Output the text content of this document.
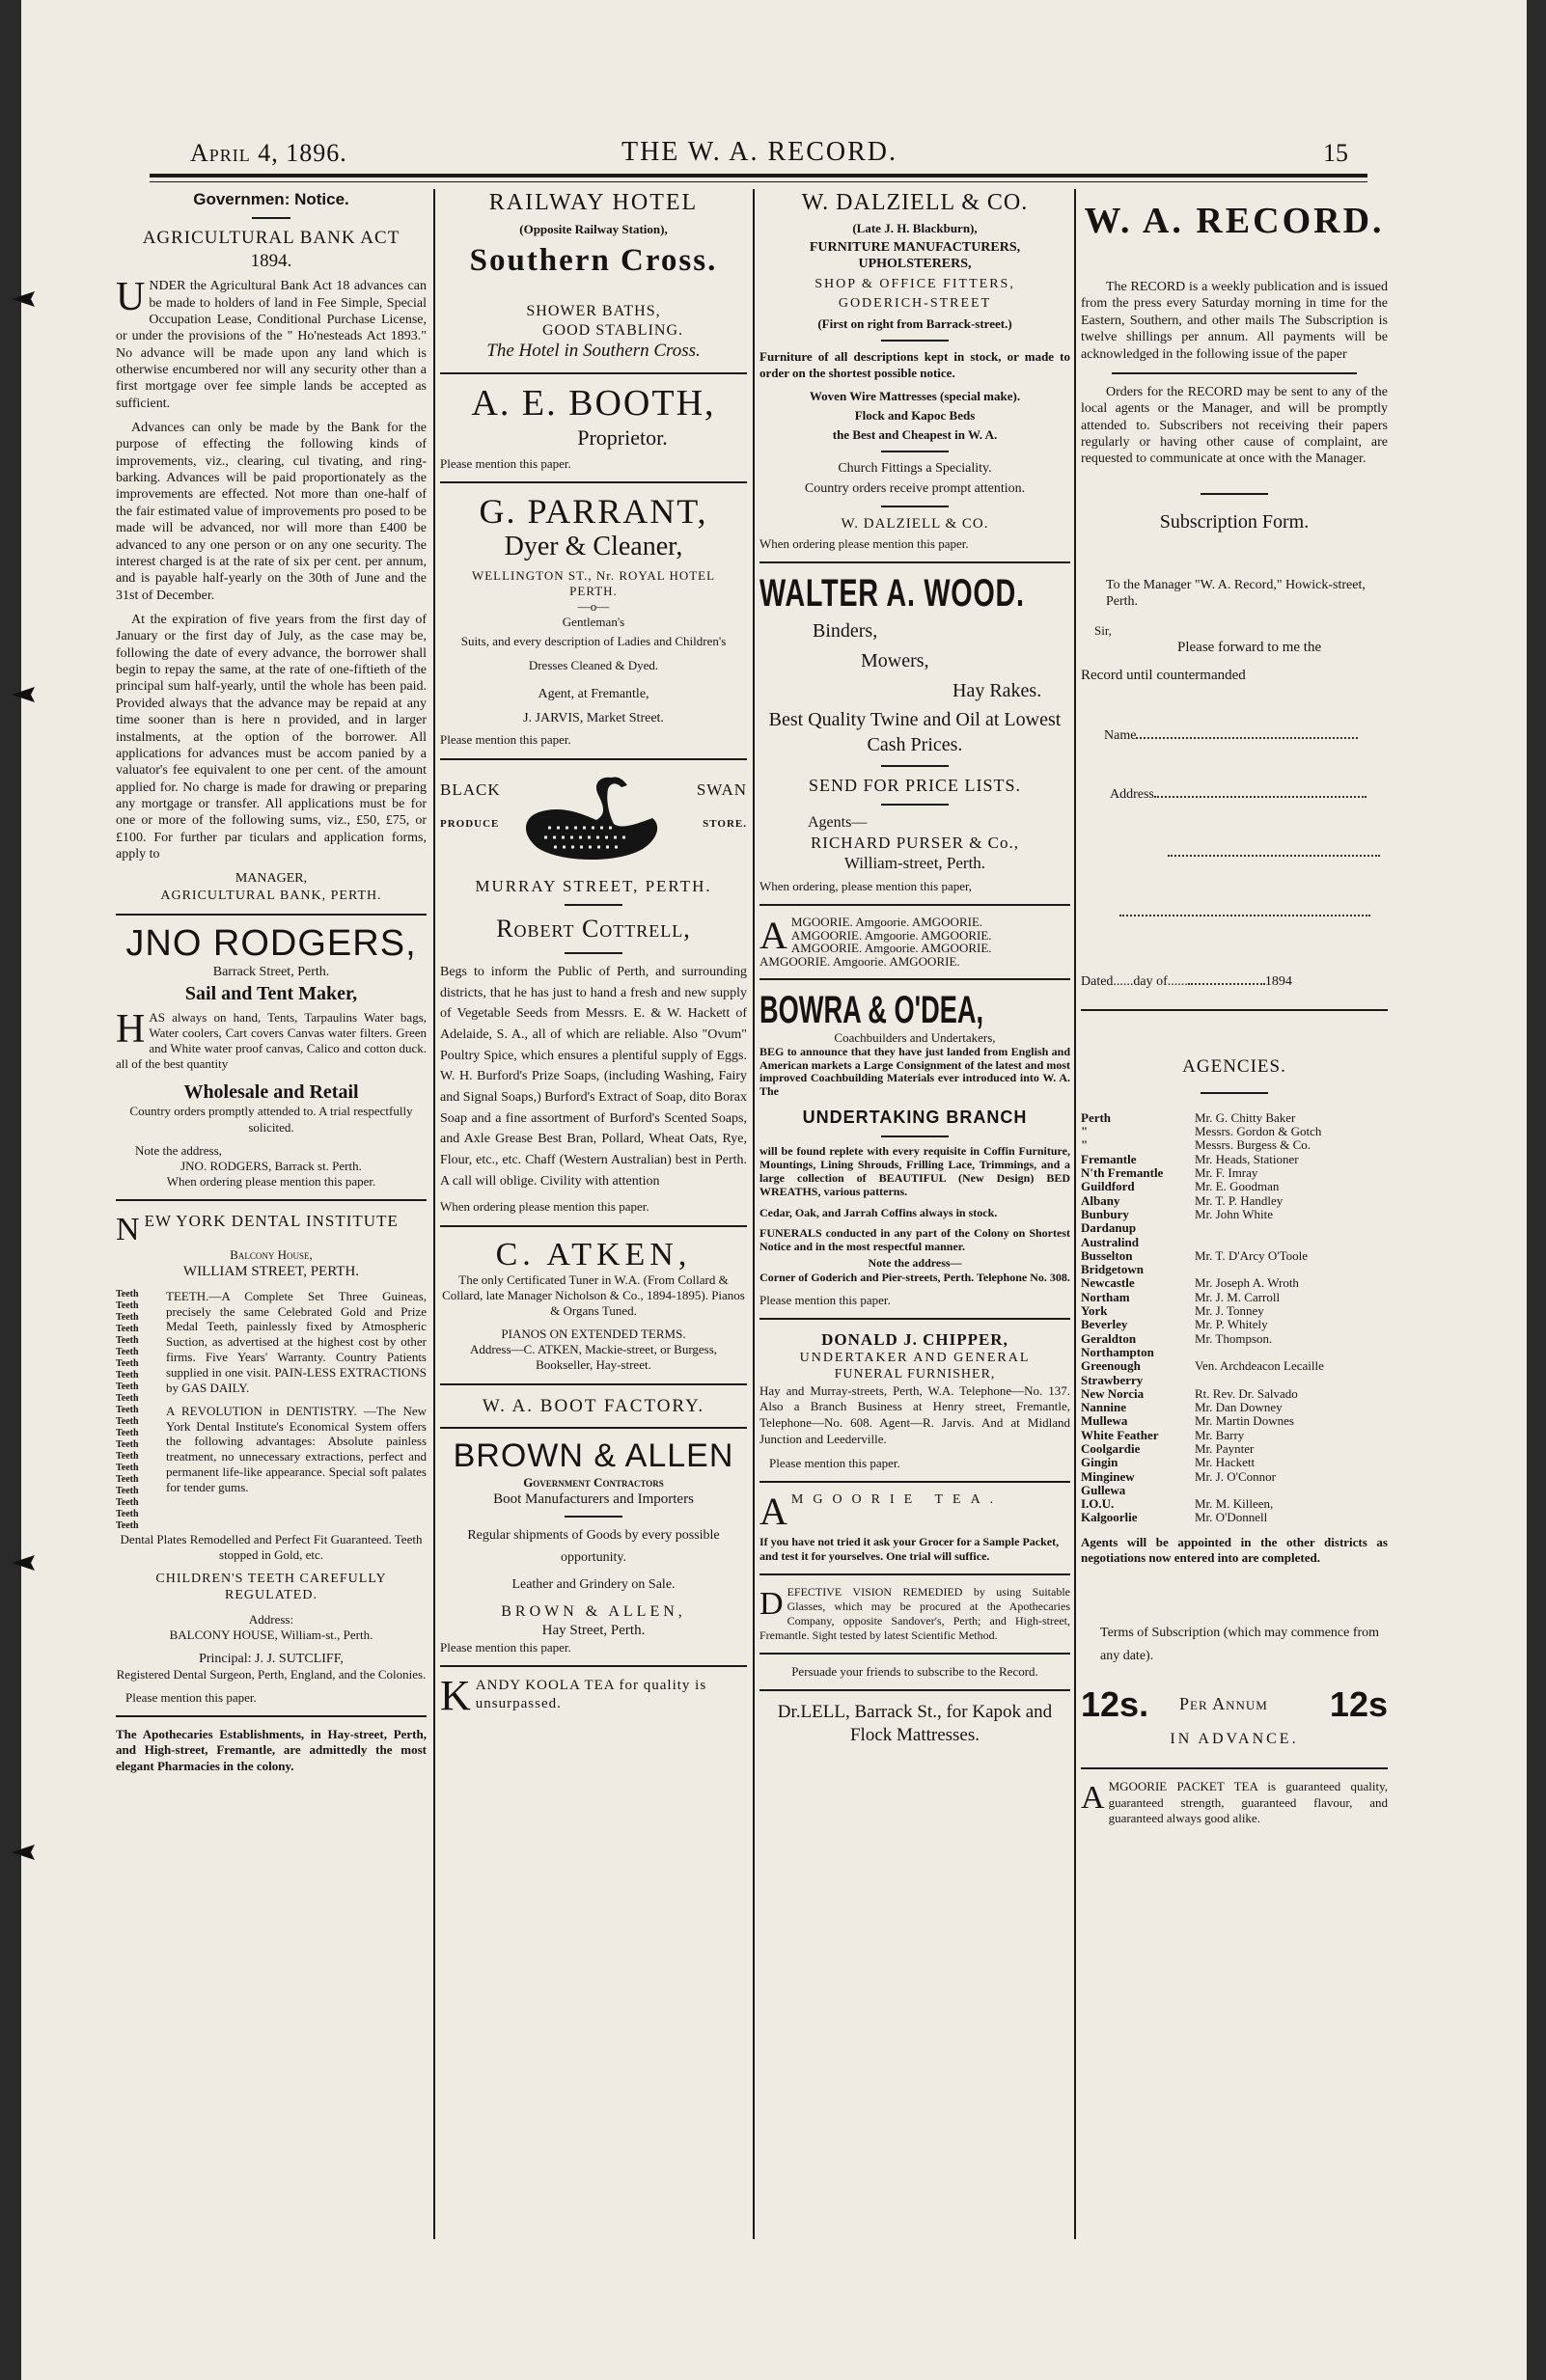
April 4, 1896.	THE W. A. RECORD.	15
Governmen: Notice.
AGRICULTURAL BANK ACT
1894.

UNDER the Agricultural Bank Act 18 advances can be made to holders of land in Fee Simple, Special Occupation Lease, Conditional Purchase License, or under the provisions of the " Ho'nesteads Act 1893." No advance will be made upon any land which is otherwise encumbered nor will any security other than a first mortgage over fee simple lands be accepted as sufficient.

Advances can only be made by the Bank for the purpose of effecting the following kinds of improvements, viz., clearing, cul tivating, and ring-barking. Advances will be paid proportionately as the improvements are effected. Not more than one-half of the fair estimated value of improvements pro posed to be made will be advanced, nor will more than £400 be advanced to any one person or on any one security. The interest charged is at the rate of six per cent. per annum, and is payable half-yearly on the 30th of June and the 31st of December.

At the expiration of five years from the first day of January or the first day of July, as the case may be, following the date of every advance, the borrower shall begin to repay the same, at the rate of one-fiftieth of the principal sum half-yearly, until the whole has been paid. Provided always that the advance may be repaid at any time sooner than is here n provided, and in larger instalments, at the option of the borrower. All applications for advances must be accom panied by a valuator's fee equivalent to one per cent. of the amount applied for. No charge is made for drawing or preparing any mortgage or transfer. All applications must be for one or more of the following sums, viz., £50, £75, or £100. For further par ticulars and application forms, apply to

MANAGER,
AGRICULTURAL BANK, PERTH.
JNO RODGERS,
Barrack Street, Perth.
Sail and Tent Maker,

HAS always on hand, Tents, Tarpaulins Water bags, Water coolers, Cart covers Canvas water filters. Green and White water proof canvas, Calico and cotton duck. all of the best quantity

Wholesale and Retail

Country orders promptly attended to. A trial respectfully solicited.

Note the address,
JNO. RODGERS, Barrack st. Perth.
When ordering please mention this paper.
NEW YORK DENTAL INSTITUTE
Balcony House,
WILLIAM STREET, PERTH.
Teeth
Teeth
Teeth
Teeth
Teeth
Teeth
Teeth
Teeth
Teeth
Teeth
Teeth
Teeth
Teeth
Teeth
Teeth
Teeth
Teeth
Teeth
Teeth
Teeth
Teeth

TEETH.—A Complete Set Three Guineas, precisely the same Celebrated Gold and Prize Medal Teeth, painlessly fixed by Atmospheric Suction, as advertised at the highest cost by other firms. Five Years' Warranty. Country Patients supplied in one visit. PAIN-LESS EXTRACTIONS by GAS DAILY.

A REVOLUTION in DENTISTRY. —The New York Dental Institute's Economical System offers the following advantages: Absolute painless treatment, no unnecessary extractions, perfect and permanent life-like appearance. Special soft palates for tender gums.

Dental Plates Remodelled and Perfect Fit Guaranteed. Teeth stopped in Gold, etc.

CHILDREN'S TEETH CAREFULLY REGULATED.

Address:

BALCONY HOUSE, William-st., Perth.

Principal: J. J. SUTCLIFF,

Registered Dental Surgeon, Perth, England, and the Colonies.

Please mention this paper.

The Apothecaries Establishments, in Hay-street, Perth, and High-street, Fremantle, are admittedly the most elegant Pharmacies in the colony.

RAILWAY HOTEL
(Opposite Railway Station),
Southern Cross.
SHOWER BATHS,
GOOD STABLING.
The Hotel in Southern Cross.
A. E. BOOTH,
Proprietor.
Please mention this paper.
G. PARRANT,
Dyer & Cleaner,
WELLINGTON ST., Nr. ROYAL HOTEL
PERTH.
—o—
Gentleman's

Suits, and every description of Ladies and Children's Dresses Cleaned & Dyed.

Agent, at Fremantle,
J. JARVIS, Market Street.
Please mention this paper.
BLACK	SWAN
PRODUCE	STORE.
MURRAY STREET, PERTH.
Robert Cottrell,

Begs to inform the Public of Perth, and surrounding districts, that he has just to hand a fresh and new supply of Vegetable Seeds from Messrs. E. & W. Hackett of Adelaide, S. A., all of which are reliable. Also "Ovum" Poultry Spice, which ensures a plentiful supply of Eggs. W. H. Burford's Prize Soaps, (including Washing, Fairy and Signal Soaps,) Burford's Extract of Soap, dito Borax Soap and a fine assortment of Burford's Scented Soaps, and Axle Grease Best Bran, Pollard, Wheat Oats, Rye, Flour, etc., etc. Chaff (Western Australian) best in Perth. A call will oblige. Civility with attention

When ordering please mention this paper.
C. ATKEN,

The only Certificated Tuner in W.A. (From Collard & Collard, late Manager Nicholson & Co., 1894-1895). Pianos & Organs Tuned.

PIANOS ON EXTENDED TERMS.

Address—C. ATKEN, Mackie-street, or Burgess, Bookseller, Hay-street.

W. A. BOOT FACTORY.
BROWN & ALLEN
Government Contractors
Boot Manufacturers and Importers

Regular shipments of Goods by every possible opportunity.

Leather and Grindery on Sale.
BROWN & ALLEN,
Hay Street, Perth.
Please mention this paper.
KANDY KOOLA TEA for quality is unsurpassed.
W. DALZIELL & CO.
(Late J. H. Blackburn),
FURNITURE MANUFACTURERS, UPHOLSTERERS,
SHOP & OFFICE FITTERS,
GODERICH-STREET
(First on right from Barrack-street.)

Furniture of all descriptions kept in stock, or made to order on the shortest possible notice.

Woven Wire Mattresses (special make).
Flock and Kapoc Beds
the Best and Cheapest in W. A.
Church Fittings a Speciality.
Country orders receive prompt attention.
W. DALZIELL & CO.
When ordering please mention this paper.
WALTER A. WOOD.
Binders,
Mowers,
Hay Rakes.
Best Quality Twine and Oil at Lowest Cash Prices.
SEND FOR PRICE LISTS.
Agents—
RICHARD PURSER & Co.,
William-street, Perth.
When ordering, please mention this paper,
A MGOORIE. Amgoorie. AMGOORIE.
AMGOORIE. Amgoorie. AMGOORIE.
AMGOORIE. Amgoorie. AMGOORIE.
AMGOORIE. Amgoorie. AMGOORIE.
BOWRA & O'DEA,
Coachbuilders and Undertakers,

BEG to announce that they have just landed from English and American markets a Large Consignment of the latest and most improved Coachbuilding Materials ever introduced into W. A. The

UNDERTAKING BRANCH

will be found replete with every requisite in Coffin Furniture, Mountings, Lining Shrouds, Frilling Lace, Trimmings, and a large collection of BEAUTIFUL (New Design) BED WREATHS, various patterns.

Cedar, Oak, and Jarrah Coffins always in stock.

FUNERALS conducted in any part of the Colony on Shortest Notice and in the most respectful manner.

Note the address—

Corner of Goderich and Pier-streets, Perth. Telephone No. 308.

Please mention this paper.
DONALD J. CHIPPER,
UNDERTAKER AND GENERAL
FUNERAL FURNISHER,

Hay and Murray-streets, Perth, W.A. Telephone—No. 137. Also a Branch Business at Henry street, Fremantle, Telephone—No. 608. Agent—R. Jarvis. And at Midland Junction and Leederville.

Please mention this paper.
AMGOORIE TEA.

If you have not tried it ask your Grocer for a Sample Packet, and test it for yourselves. One trial will suffice.

DEFECTIVE VISION REMEDIED by using Suitable Glasses, which may be procured at the Apothecaries Company, opposite Sandover's, Perth; and High-street, Fremantle. Sight tested by latest Scientific Method.

Persuade your friends to subscribe to the Record.

Dr.LELL, Barrack St., for Kapok and Flock Mattresses.

W. A. RECORD.

The RECORD is a weekly publication and is issued from the press every Saturday morning in time for the Eastern, Southern, and other mails The Subscription is twelve shillings per annum. All payments will be acknowledged in the following issue of the paper

Orders for the RECORD may be sent to any of the local agents or the Manager, and will be promptly attended to. Subscribers not receiving their papers regularly or having other cause of complaint, are requested to communicate at once with the Manager.

Subscription Form.

To the Manager "W. A. Record," Howick-street, Perth.

Sir,
Please forward to me the
Record until countermanded
Name
Address
Dated......day of......	1894
AGENCIES.
Perth	Mr. G. Chitty Baker
"	Messrs. Gordon & Gotch
"	Messrs. Burgess & Co.
Fremantle	Mr. Heads, Stationer
N'th Fremantle	Mr. F. Imray
Guildford	Mr. E. Goodman
Albany	Mr. T. P. Handley
Bunbury	Mr. John White
Dardanup
Australind
Busselton	Mr. T. D'Arcy O'Toole
Bridgetown
Newcastle	Mr. Joseph A. Wroth
Northam	Mr. J. M. Carroll
York	Mr. J. Tonney
Beverley	Mr. P. Whitely
Geraldton	Mr. Thompson.
Northampton
Greenough	Ven. Archdeacon Lecaille
Strawberry
New Norcia	Rt. Rev. Dr. Salvado
Nannine	Mr. Dan Downey
Mullewa	Mr. Martin Downes
White Feather	Mr. Barry
Coolgardie	Mr. Paynter
Gingin	Mr. Hackett
Minginew	Mr. J. O'Connor
Gullewa
I.O.U.	Mr. M. Killeen,
Kalgoorlie	Mr. O'Donnell

Agents will be appointed in the other districts as negotiations now entered into are completed.

Terms of Subscription (which may commence from any date).

12s. Per Annum 12s
IN ADVANCE.

AMGOORIE PACKET TEA is guaranteed quality, guaranteed strength, guaranteed flavour, and guaranteed always good alike.
